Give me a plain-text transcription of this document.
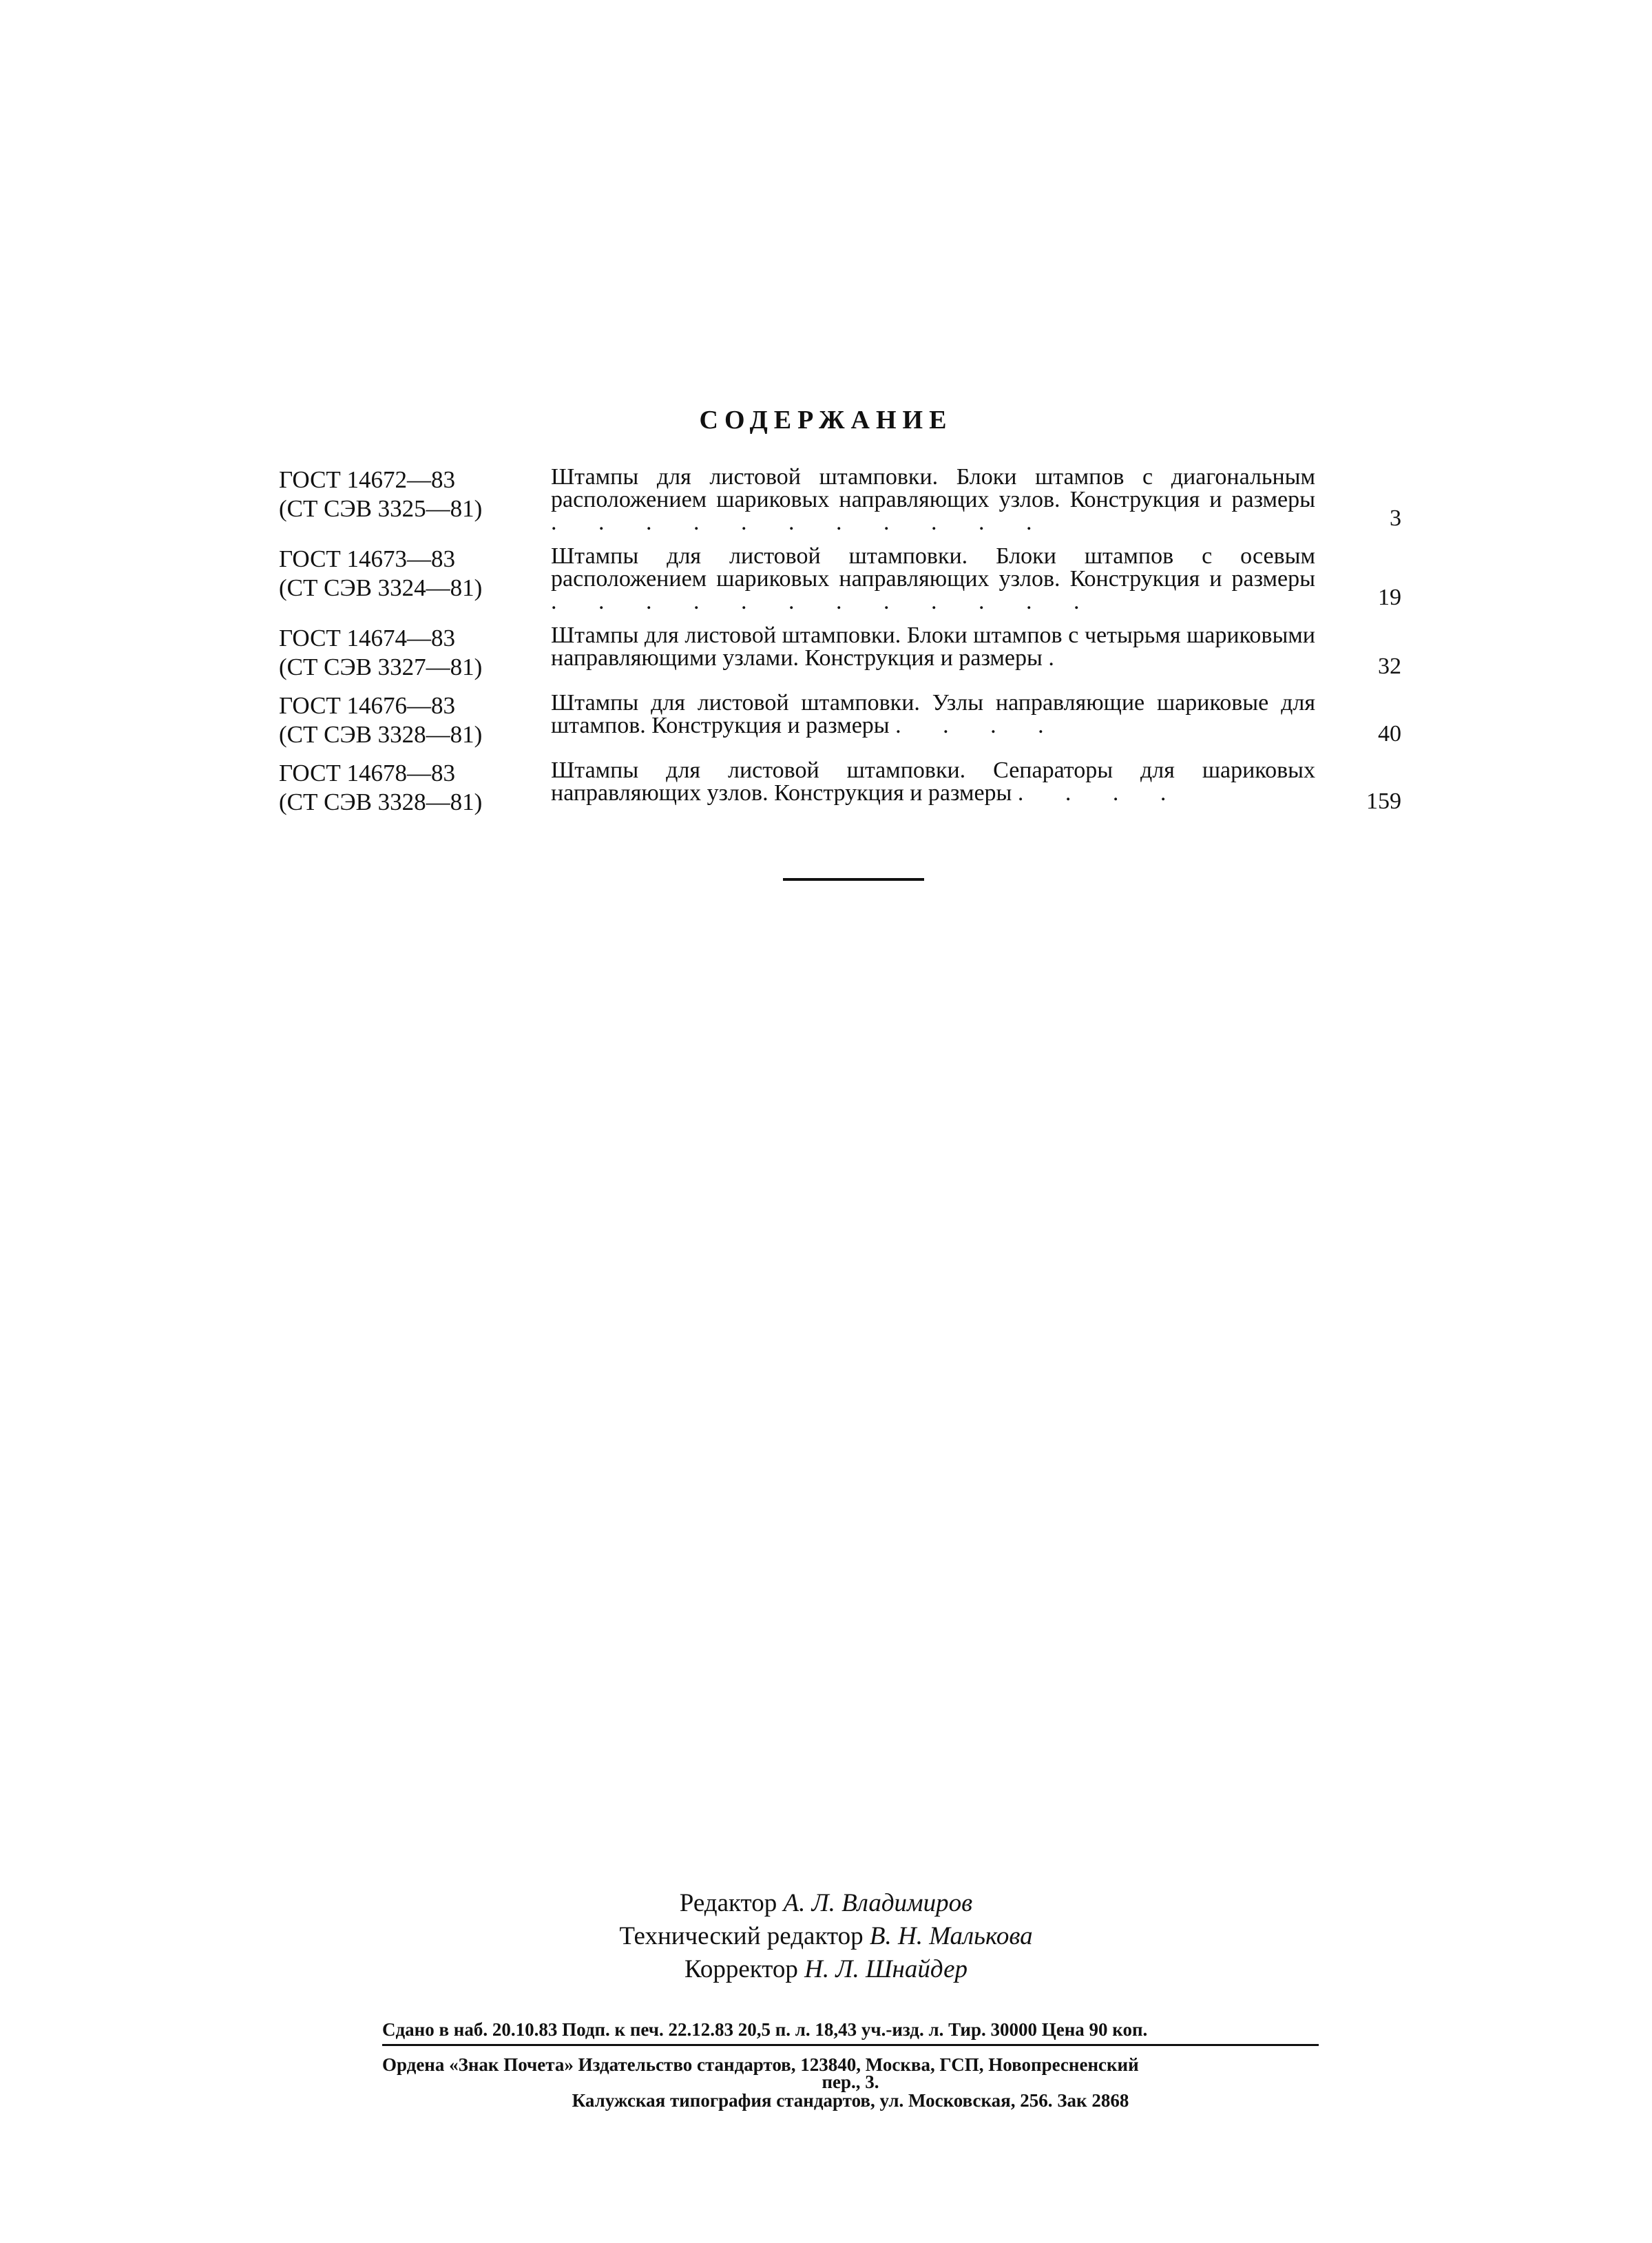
СОДЕРЖАНИЕ
ГОСТ 14672—83
(СТ СЭВ 3325—81)
Штампы для листовой штамповки. Блоки штампов с диагональным расположением шариковых направляющих узлов. Конструкция и размеры . . . . . . . . . . .	3
ГОСТ 14673—83
(СТ СЭВ 3324—81)
Штампы для листовой штамповки. Блоки штампов с осевым расположением шариковых направляющих узлов. Конструкция и размеры . . . . . . . . . . . .	19
ГОСТ 14674—83
(СТ СЭВ 3327—81)
Штампы для листовой штамповки. Блоки штампов с четырьмя шариковыми направляющими узлами. Конструкция и размеры .	32
ГОСТ 14676—83
(СТ СЭВ 3328—81)
Штампы для листовой штамповки. Узлы направляющие шариковые для штампов. Конструкция и размеры . . . .	40
ГОСТ 14678—83
(СТ СЭВ 3328—81)
Штампы для листовой штамповки. Сепараторы для шариковых направляющих узлов. Конструкция и размеры . . . .	159
Редактор А. Л. Владимиров
Технический редактор В. Н. Малькова
Корректор Н. Л. Шнайдер
Сдано в наб. 20.10.83 Подп. к печ. 22.12.83 20,5 п. л. 18,43 уч.-изд. л. Тир. 30000 Цена 90 коп.
Ордена «Знак Почета» Издательство стандартов, 123840, Москва, ГСП, Новопресненский
пер., 3.
Калужская типография стандартов, ул. Московская, 256. Зак 2868
